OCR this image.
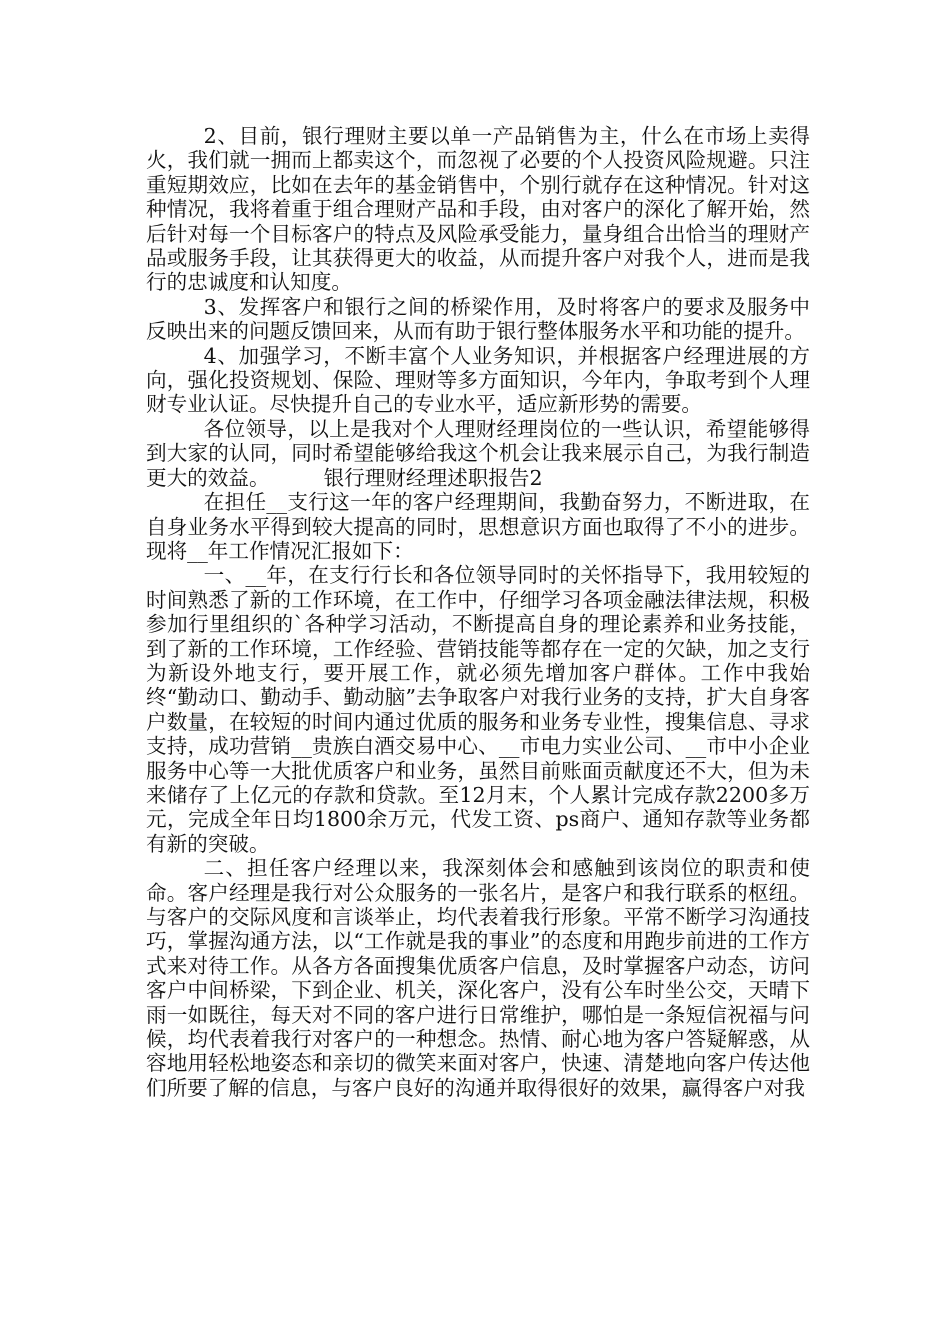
2、目前，银行理财主要以单一产品销售为主，什么在市场上卖得火，我们就一拥而上都卖这个，而忽视了必要的个人投资风险规避。只注重短期效应，比如在去年的基金销售中，个别行就存在这种情况。针对这种情况，我将着重于组合理财产品和手段，由对客户的深化了解开始，然后针对每一个目标客户的特点及风险承受能力，量身组合出恰当的理财产品或服务手段，让其获得更大的收益，从而提升客户对我个人，进而是我行的忠诚度和认知度。

3、发挥客户和银行之间的桥梁作用，及时将客户的要求及服务中反映出来的问题反馈回来，从而有助于银行整体服务水平和功能的提升。

4、加强学习，不断丰富个人业务知识，并根据客户经理进展的方向，强化投资规划、保险、理财等多方面知识，今年内，争取考到个人理财专业认证。尽快提升自己的专业水平，适应新形势的需要。

各位领导，以上是我对个人理财经理岗位的一些认识，希望能够得到大家的认同，同时希望能够给我这个机会让我来展示自己，为我行制造更大的效益。	银行理财经理述职报告2

在担任__支行这一年的客户经理期间，我勤奋努力，不断进取，在自身业务水平得到较大提高的同时，思想意识方面也取得了不小的进步。现将__年工作情况汇报如下：

一、__年，在支行行长和各位领导同时的关怀指导下，我用较短的时间熟悉了新的工作环境，在工作中，仔细学习各项金融法律法规，积极参加行里组织的`各种学习活动，不断提高自身的理论素养和业务技能，到了新的工作环境，工作经验、营销技能等都存在一定的欠缺，加之支行为新设外地支行，要开展工作，就必须先增加客户群体。工作中我始终“勤动口、勤动手、勤动脑”去争取客户对我行业务的支持，扩大自身客户数量，在较短的时间内通过优质的服务和业务专业性，搜集信息、寻求支持，成功营销__贵族白酒交易中心、__市电力实业公司、__市中小企业服务中心等一大批优质客户和业务，虽然目前账面贡献度还不大，但为未来储存了上亿元的存款和贷款。至12月末，个人累计完成存款2200多万元，完成全年日均1800余万元，代发工资、ps商户、通知存款等业务都有新的突破。

二、担任客户经理以来，我深刻体会和感触到该岗位的职责和使命。客户经理是我行对公众服务的一张名片，是客户和我行联系的枢纽。与客户的交际风度和言谈举止，均代表着我行形象。平常不断学习沟通技巧，掌握沟通方法，以“工作就是我的事业”的态度和用跑步前进的工作方式来对待工作。从各方各面搜集优质客户信息，及时掌握客户动态，访问客户中间桥梁，下到企业、机关，深化客户，没有公车时坐公交，天晴下雨一如既往，每天对不同的客户进行日常维护，哪怕是一条短信祝福与问候，均代表着我行对客户的一种想念。热情、耐心地为客户答疑解惑，从容地用轻松地姿态和亲切的微笑来面对客户，快速、清楚地向客户传达他们所要了解的信息，与客户良好的沟通并取得很好的效果，赢得客户对我
